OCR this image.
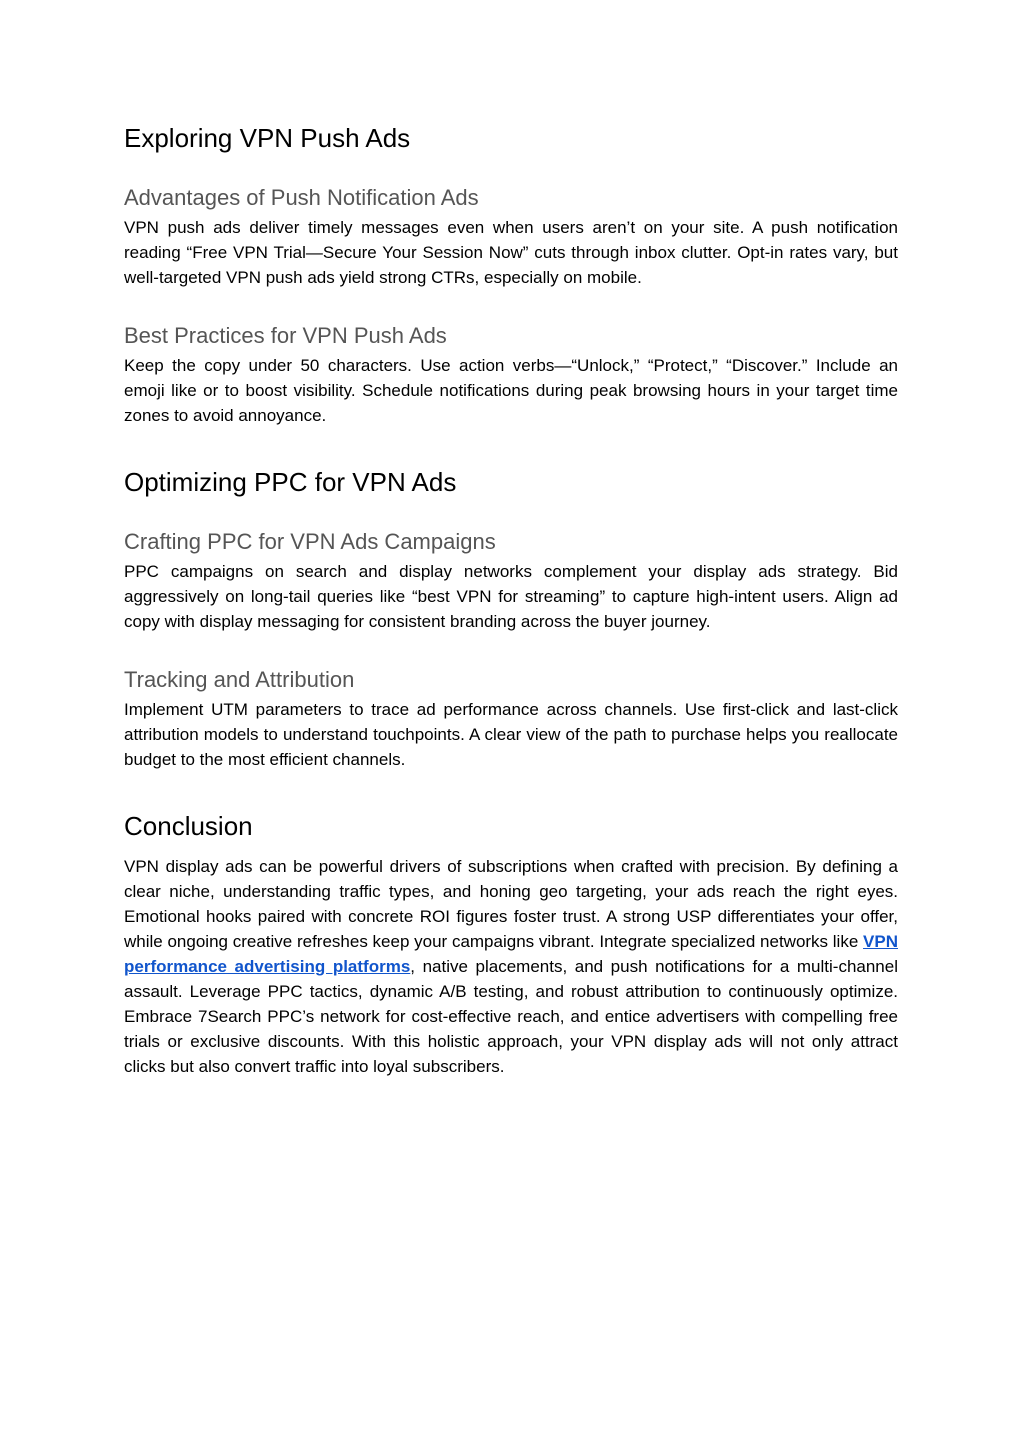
Exploring VPN Push Ads
Advantages of Push Notification Ads

VPN push ads deliver timely messages even when users aren’t on your site. A push notification reading “Free VPN Trial—Secure Your Session Now” cuts through inbox clutter. Opt‑in rates vary, but well‑targeted VPN push ads yield strong CTRs, especially on mobile.

Best Practices for VPN Push Ads

Keep the copy under 50 characters. Use action verbs—“Unlock,” “Protect,” “Discover.” Include an emoji like or to boost visibility. Schedule notifications during peak browsing hours in your target time zones to avoid annoyance.

Optimizing PPC for VPN Ads
Crafting PPC for VPN Ads Campaigns

PPC campaigns on search and display networks complement your display ads strategy. Bid aggressively on long‑tail queries like “best VPN for streaming” to capture high‑intent users. Align ad copy with display messaging for consistent branding across the buyer journey.

Tracking and Attribution

Implement UTM parameters to trace ad performance across channels. Use first‑click and last‑click attribution models to understand touchpoints. A clear view of the path to purchase helps you reallocate budget to the most efficient channels.

Conclusion

VPN display ads can be powerful drivers of subscriptions when crafted with precision. By defining a clear niche, understanding traffic types, and honing geo targeting, your ads reach the right eyes. Emotional hooks paired with concrete ROI figures foster trust. A strong USP differentiates your offer, while ongoing creative refreshes keep your campaigns vibrant. Integrate specialized networks like VPN performance advertising platforms, native placements, and push notifications for a multi‑channel assault. Leverage PPC tactics, dynamic A/B testing, and robust attribution to continuously optimize. Embrace 7Search PPC’s network for cost‑effective reach, and entice advertisers with compelling free trials or exclusive discounts. With this holistic approach, your VPN display ads will not only attract clicks but also convert traffic into loyal subscribers.
